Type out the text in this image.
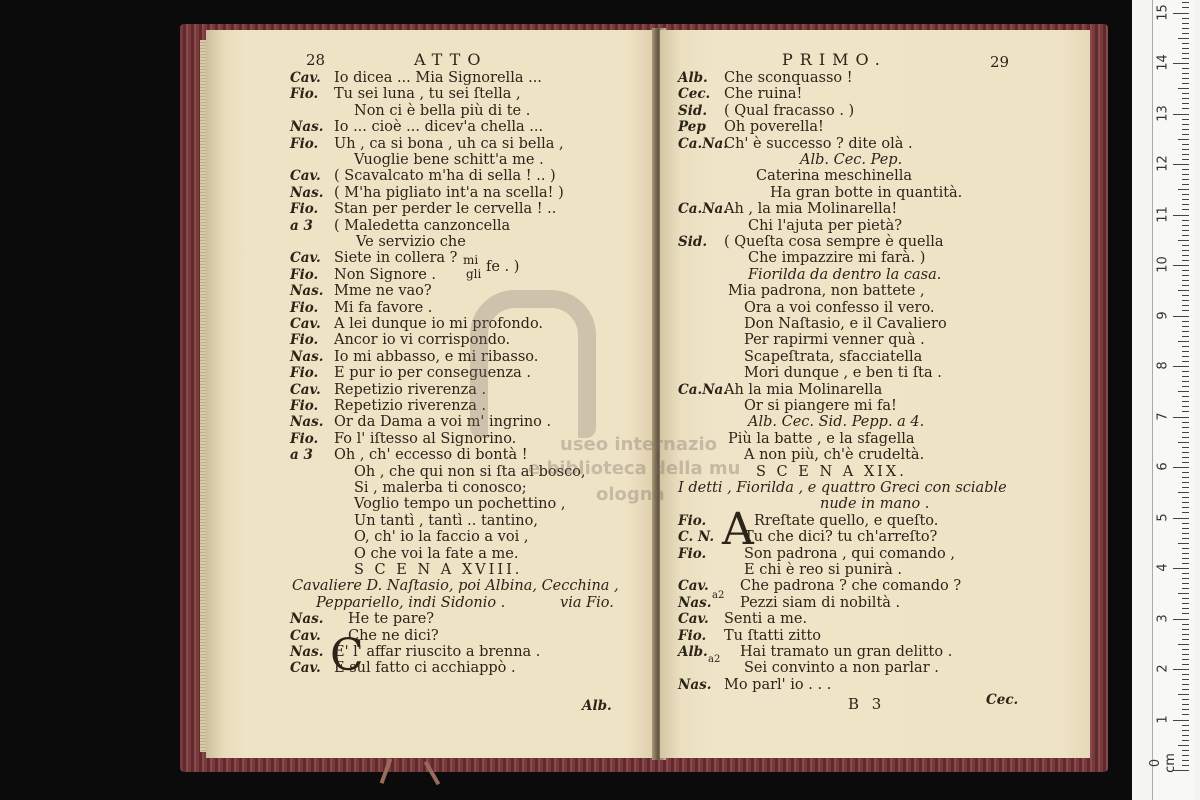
28	ATTO
Cav. Io dicea ... Mia Signorella ...
Fio. Tu sei luna , tu sei ſtella ,
Non ci è bella più di te .
Nas. Io ... cioè ... dicev'a chella ...
Fio. Uh , ca si bona , uh ca si bella ,
Vuoglie bene schitt'a me .
Cav. ( Scavalcato m'ha di sella ! .. )
Nas. ( M'ha pigliato int'a na scella! )
Fio. Stan per perder le cervella ! ..
a 3 ( Maledetta canzoncella
Ve servizio che
Cav. Siete in collera ?
Fio. Non Signore .
Nas. Mme ne vao?
Fio. Mi fa favore .
Cav. A lei dunque io mi profondo.
Fio. Ancor io vi corrispondo.
Nas. Io mi abbasso, e mi ribasso.
Fio. E pur io per conseguenza .
Cav. Repetizio riverenza .
Fio. Repetizio riverenza .
Nas. Or da Dama a voi m' ingrino .
Fio. Fo l' iſtesso al Signorino.
a 3 Oh , ch' eccesso di bontà !
Oh , che qui non si ſta al bosco,
Si , malerba ti conosco;
Voglio tempo un pochettino ,
Un tantì , tantì .. tantino,
O, ch' io la faccio a voi ,
O che voi la fate a me.
S C E N A XVIII.
Cavaliere D. Naſtasio, poi Albina, Cecchina ,
Peppariello, indi Sidonio .
Nas. He te pare?
Cav. Che ne dici?
Nas. E' l' affar riuscito a brenna .
Cav. E sul fatto ci acchiappò .
mi
gli fe . )
via Fio.
C
Alb.
PRIMO.	29
Alb. Che sconquasso !
Cec. Che ruina!
Sid. ( Qual fracasso . )
Pep Oh poverella!
Ca.Na.
Ch' è successo ? dite olà .
Alb. Cec. Pep.
Caterina meschinella
Ha gran botte in quantità.
Ca.Na.
Ah , la mia Molinarella!
Chi l'ajuta per pietà?
Sid. ( Queſta cosa sempre è quella
Che impazzire mi farà. )
Fiorilda da dentro la casa.
Mia padrona, non battete ,
Ora a voi confesso il vero.
Don Naſtasio, e il Cavaliero
Per rapirmi venner quà .
Scapeſtrata, sfacciatella
Mori dunque , e ben ti ſta .
Ca.Na.
Ah la mia Molinarella
Or si piangere mi fa!
Alb. Cec. Sid. Pepp. a 4.
Più la batte , e la sfagella
A non più, ch'è crudeltà.
S C E N A XIX.
I detti , Fiorilda , e quattro Greci con sciable
nude in mano .
Fio.	Rreſtate quello, e queſto.
C. N. Tu che dici? tu ch'arreſto?
Fio.	Son padrona , qui comando ,
E chi è reo si punirà .
Cav. Che padrona ? che comando ?
Nas. Pezzi siam di nobiltà .
Cav. Senti a me.
Fio. Tu ſtatti zitto
Alb. Hai tramato un gran delitto .
Sei convinto a non parlar .
Nas. Mo parl' io . . .
A
a2
a2
B 3	Cec.
useo internazio
e biblioteca della mu
ologna
0 cm
1
2
3
4
5
6
7
8
9
10
11
12
13
14
15
